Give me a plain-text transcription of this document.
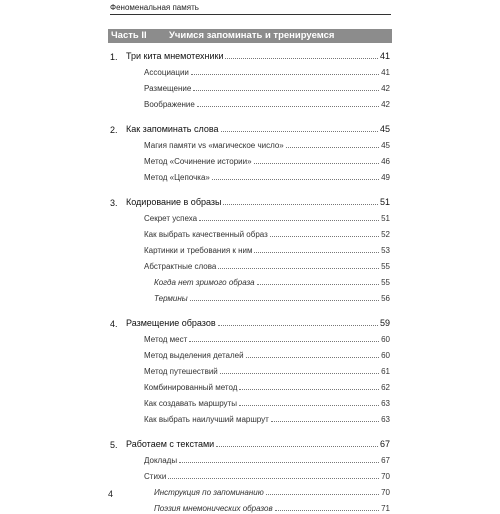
Феноменальная память
Часть II	Учимся запоминать и тренируемся
1. Три кита мнемотехники	41
Ассоциации	41
Размещение	42
Воображение	42
2. Как запоминать слова	45
Магия памяти vs «магическое число»	45
Метод «Сочинение истории»	46
Метод «Цепочка»	49
3. Кодирование в образы	51
Секрет успеха	51
Как выбрать качественный образ	52
Картинки и требования к ним	53
Абстрактные слова	55
Когда нет зримого образа	55
Термины	56
4. Размещение образов	59
Метод мест	60
Метод выделения деталей	60
Метод путешествий	61
Комбинированный метод	62
Как создавать маршруты	63
Как выбрать наилучший маршрут	63
5. Работаем с текстами	67
Доклады	67
Стихи	70
Инструкция по запоминанию	70
Поэзия мнемонических образов	71
4
